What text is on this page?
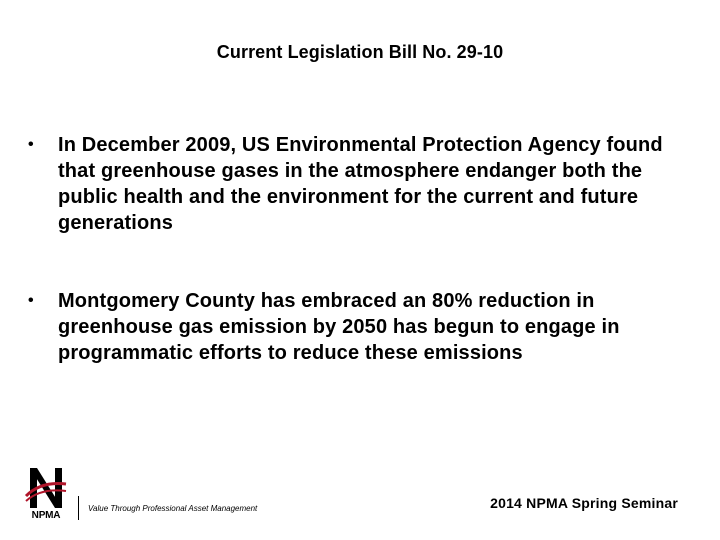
Current Legislation Bill No. 29-10
• In December 2009, US Environmental Protection Agency found that greenhouse gases in the atmosphere endanger both the public health and the environment for the current and future generations
• Montgomery County has embraced an 80% reduction in greenhouse gas emission by 2050 has begun to engage in programmatic efforts to reduce these emissions
NPMA
Value Through Professional Asset Management	2014 NPMA Spring Seminar
